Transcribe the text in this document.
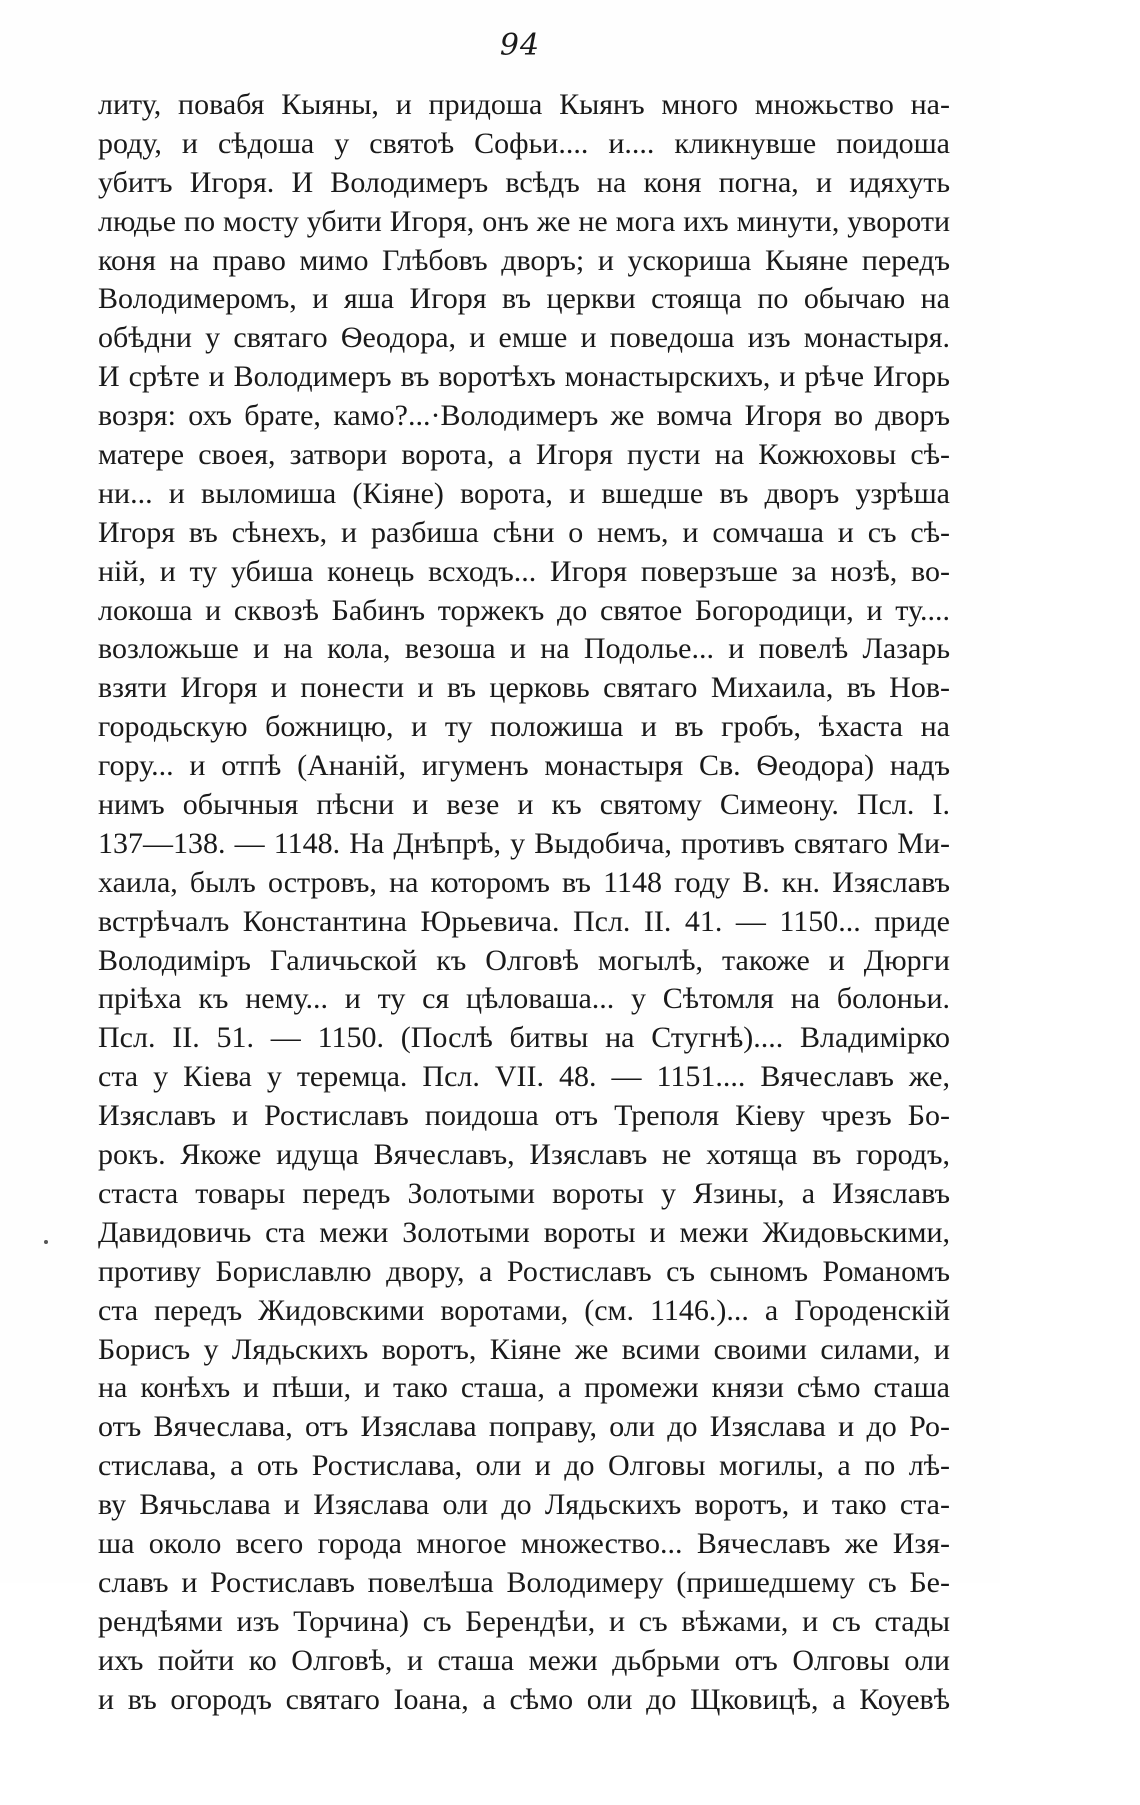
94
литу, повабя Кыяны, и придоша Кыянъ много множьство на-
роду, и сѣдоша у святоѣ Софьи.... и.... кликнувше поидоша
убитъ Игоря. И Володимеръ всѣдъ на коня погна, и идяхуть
людье по мосту убити Игоря, онъ же не мога ихъ минути, увороти
коня на право мимо Глѣбовъ дворъ; и ускориша Кыяне передъ
Володимеромъ, и яша Игоря въ церкви стояща по обычаю на
обѣдни у святаго Ѳеодора, и емше и поведоша изъ монастыря.
И срѣте и Володимеръ въ воротѣхъ монастырскихъ, и рѣче Игорь
возря: охъ брате, камо?...·Володимеръ же вомча Игоря во дворъ
матере своея, затвори ворота, а Игоря пусти на Кожюховы сѣ-
ни... и выломиша (Кіяне) ворота, и вшедше въ дворъ узрѣша
Игоря въ сѣнехъ, и разбиша сѣни о немъ, и сомчаша и съ сѣ-
ній, и ту убиша конець всходъ... Игоря поверзъше за нозѣ, во-
локоша и сквозѣ Бабинъ торжекъ до святое Богородици, и ту....
возложьше и на кола, везоша и на Подолье... и повелѣ Лазарь
взяти Игоря и понести и въ церковь святаго Михаила, въ Нов-
городьскую божницю, и ту положиша и въ гробъ, ѣхаста на
гору... и отпѣ (Ананій, игуменъ монастыря Св. Ѳеодора) надъ
нимъ обычныя пѣсни и везе и къ святому Симеону. Псл. I.
137—138. — 1148. На Днѣпрѣ, у Выдобича, противъ святаго Ми-
хаила, былъ островъ, на которомъ въ 1148 году В. кн. Изяславъ
встрѣчалъ Константина Юрьевича. Псл. II. 41. — 1150... приде
Володиміръ Галичьской къ Олговѣ могылѣ, такоже и Дюрги
пріѣха къ нему... и ту ся цѣловаша... у Сѣтомля на болоньи.
Псл. II. 51. — 1150. (Послѣ битвы на Стугнѣ).... Владимірко
ста у Кіева у теремца. Псл. VII. 48. — 1151.... Вячеславъ же,
Изяславъ и Ростиславъ поидоша отъ Треполя Кіеву чрезъ Бо-
рокъ. Якоже идуща Вячеславъ, Изяславъ не хотяща въ городъ,
стаста товары передъ Золотыми вороты у Язины, а Изяславъ
Давидовичь ста межи Золотыми вороты и межи Жидовьскими,
противу Бориславлю двору, а Ростиславъ съ сыномъ Романомъ
ста передъ Жидовскими воротами, (см. 1146.)... а Городенскій
Борисъ у Лядьскихъ воротъ, Кіяне же всими своими силами, и
на конѣхъ и пѣши, и тако сташа, а промежи князи сѣмо сташа
отъ Вячеслава, отъ Изяслава поправу, оли до Изяслава и до Ро-
стислава, а оть Ростислава, оли и до Олговы могилы, а по лѣ-
ву Вячьслава и Изяслава оли до Лядьскихъ воротъ, и тако ста-
ша около всего города многое множество... Вячеславъ же Изя-
славъ и Ростиславъ повелѣша Володимеру (пришедшему съ Бе-
рендѣями изъ Торчина) съ Берендѣи, и съ вѣжами, и съ стады
ихъ пойти ко Олговѣ, и сташа межи дьбрьми отъ Олговы оли
и въ огородъ святаго Іоана, а сѣмо оли до Щковицѣ, а Коуевѣ
